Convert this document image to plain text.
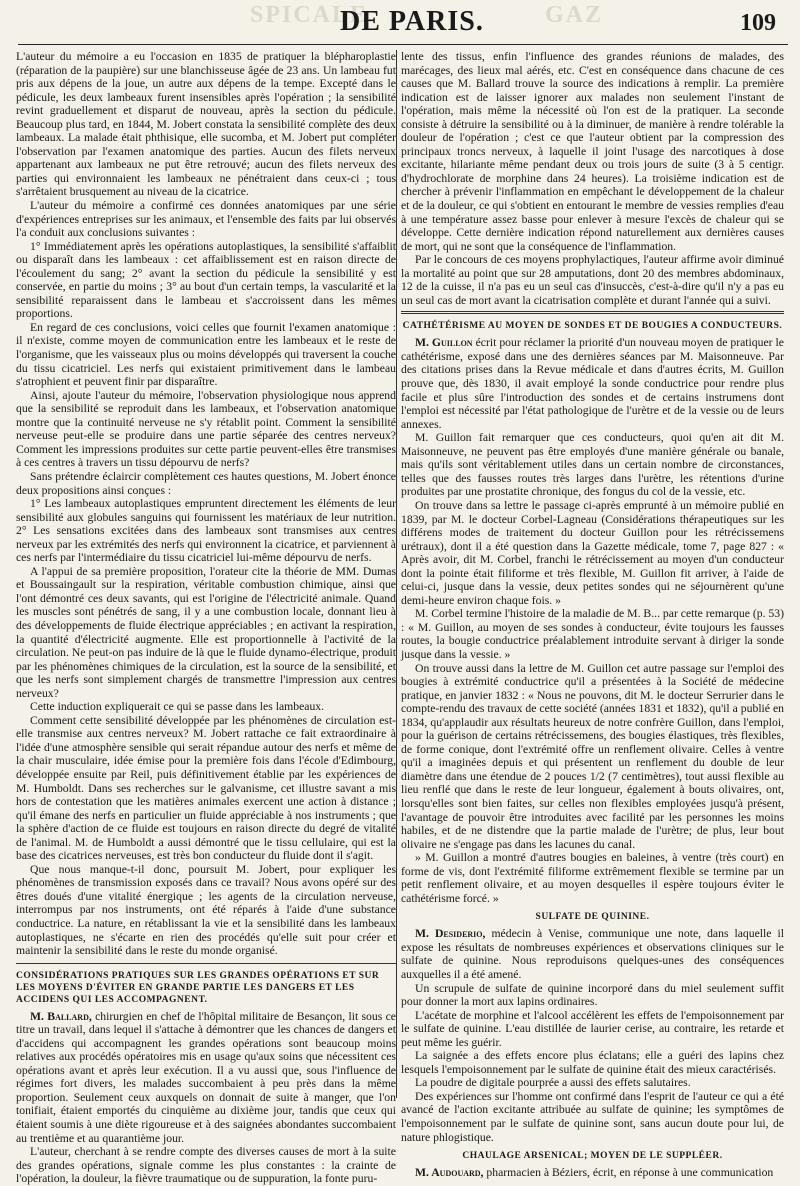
SPICALE	GAZ
DE PARIS.	109

L'auteur du mémoire a eu l'occasion en 1835 de pratiquer la blépharoplastie (réparation de la paupière) sur une blanchisseuse âgée de 23 ans. Un lambeau fut pris aux dépens de la joue, un autre aux dépens de la tempe. Excepté dans le pédicule, les deux lambeaux furent insensibles après l'opération ; la sensibilité revint graduellement et disparut de nouveau, après la section du pédicule. Beaucoup plus tard, en 1844, M. Jobert constata la sensibilité complète des deux lambeaux. La malade était phthisique, elle sucomba, et M. Jobert put compléter l'observation par l'examen anatomique des parties. Aucun des filets nerveux appartenant aux lambeaux ne put être retrouvé; aucun des filets nerveux des parties qui environnaient les lambeaux ne pénétraient dans ceux-ci ; tous s'arrêtaient brusquement au niveau de la cicatrice.

L'auteur du mémoire a confirmé ces données anatomiques par une série d'expériences entreprises sur les animaux, et l'ensemble des faits par lui observés l'a conduit aux conclusions suivantes :

1° Immédiatement après les opérations autoplastiques, la sensibilité s'affaiblit ou disparaît dans les lambeaux : cet affaiblissement est en raison directe de l'écoulement du sang; 2° avant la section du pédicule la sensibilité y est conservée, en partie du moins ; 3° au bout d'un certain temps, la vascularité et la sensibilité reparaissent dans le lambeau et s'accroissent dans les mêmes proportions.

En regard de ces conclusions, voici celles que fournit l'examen anatomique : il n'existe, comme moyen de communication entre les lambeaux et le reste de l'organisme, que les vaisseaux plus ou moins développés qui traversent la couche du tissu cicatriciel. Les nerfs qui existaient primitivement dans le lambeau s'atrophient et peuvent finir par disparaître.

Ainsi, ajoute l'auteur du mémoire, l'observation physiologique nous apprend que la sensibilité se reproduit dans les lambeaux, et l'observation anatomique montre que la continuité nerveuse ne s'y rétablit point. Comment la sensibilité nerveuse peut-elle se produire dans une partie séparée des centres nerveux? Comment les impressions produites sur cette partie peuvent-elles être transmises à ces centres à travers un tissu dépourvu de nerfs?

Sans prétendre éclaircir complètement ces hautes questions, M. Jobert énonce deux propositions ainsi conçues :

1° Les lambeaux autoplastiques empruntent directement les éléments de leur sensibilité aux globules sanguins qui fournissent les matériaux de leur nutrition. 2° Les sensations excitées dans des lambeaux sont transmises aux centres nerveux par les extrémités des nerfs qui environnent la cicatrice, et parviennent à ces nerfs par l'intermédiaire du tissu cicatriciel lui-même dépourvu de nerfs.

A l'appui de sa première proposition, l'orateur cite la théorie de MM. Dumas et Boussaingault sur la respiration, véritable combustion chimique, ainsi que l'ont démontré ces deux savants, qui est l'origine de l'électricité animale. Quand les muscles sont pénétrés de sang, il y a une combustion locale, donnant lieu à des développements de fluide électrique appréciables ; en activant la respiration, la quantité d'électricité augmente. Elle est proportionnelle à l'activité de la circulation. Ne peut-on pas induire de là que le fluide dynamo-électrique, produit par les phénomènes chimiques de la circulation, est la source de la sensibilité, et que les nerfs sont simplement chargés de transmettre l'impression aux centres nerveux?

Cette induction expliquerait ce qui se passe dans les lambeaux.

Comment cette sensibilité développée par les phénomènes de circulation est-elle transmise aux centres nerveux? M. Jobert rattache ce fait extraordinaire à l'idée d'une atmosphère sensible qui serait répandue autour des nerfs et même de la chair musculaire, idée émise pour la première fois dans l'école d'Edimbourg, développée ensuite par Reil, puis définitivement établie par les expériences de M. Humboldt. Dans ses recherches sur le galvanisme, cet illustre savant a mis hors de contestation que les matières animales exercent une action à distance ; qu'il émane des nerfs en particulier un fluide appréciable à nos instruments ; que la sphère d'action de ce fluide est toujours en raison directe du degré de vitalité de l'animal. M. de Humboldt a aussi démontré que le tissu cellulaire, qui est la base des cicatrices nerveuses, est très bon conducteur du fluide dont il s'agit.

Que nous manque-t-il donc, poursuit M. Jobert, pour expliquer les phénomènes de transmission exposés dans ce travail? Nous avons opéré sur des êtres doués d'une vitalité énergique ; les agents de la circulation nerveuse, interrompus par nos instruments, ont été réparés à l'aide d'une substance conductrice. La nature, en rétablissant la vie et la sensibilité dans les lambeaux autoplastiques, ne s'écarte en rien des procédés qu'elle suit pour créer et maintenir la sensibilité dans le reste du monde organisé.

CONSIDÉRATIONS PRATIQUES SUR LES GRANDES OPÉRATIONS ET SUR LES MOYENS D'ÉVITER EN GRANDE PARTIE LES DANGERS ET LES ACCIDENS QUI LES ACCOMPAGNENT.

M. Ballard, chirurgien en chef de l'hôpital militaire de Besançon, lit sous ce titre un travail, dans lequel il s'attache à démontrer que les chances de dangers et d'accidens qui accompagnent les grandes opérations sont beaucoup moins relatives aux procédés opératoires mis en usage qu'aux soins que nécessitent ces opérations avant et après leur exécution. Il a vu aussi que, sous l'influence de régimes fort divers, les malades succombaient à peu près dans la même proportion. Seulement ceux auxquels on donnait de suite à manger, que l'on tonifiait, étaient emportés du cinquième au dixième jour, tandis que ceux qui étaient soumis à une diète rigoureuse et à des saignées abondantes succombaient au trentième et au quarantième jour.

L'auteur, cherchant à se rendre compte des diverses causes de mort à la suite des grandes opérations, signale comme les plus constantes : la crainte de l'opération, la douleur, la fièvre traumatique ou de suppuration, la fonte puru-

lente des tissus, enfin l'influence des grandes réunions de malades, des marécages, des lieux mal aérés, etc. C'est en conséquence dans chacune de ces causes que M. Ballard trouve la source des indications à remplir. La première indication est de laisser ignorer aux malades non seulement l'instant de l'opération, mais même la nécessité où l'on est de la pratiquer. La seconde consiste à détruire la sensibilité ou à la diminuer, de manière à rendre tolérable la douleur de l'opération ; c'est ce que l'auteur obtient par la compression des principaux troncs nerveux, à laquelle il joint l'usage des narcotiques à dose excitante, hilariante même pendant deux ou trois jours de suite (3 à 5 centigr. d'hydrochlorate de morphine dans 24 heures). La troisième indication est de chercher à prévenir l'inflammation en empêchant le développement de la chaleur et de la douleur, ce qui s'obtient en entourant le membre de vessies remplies d'eau à une température assez basse pour enlever à mesure l'excès de chaleur qui se développe. Cette dernière indication répond naturellement aux dernières causes de mort, qui ne sont que la conséquence de l'inflammation.

Par le concours de ces moyens prophylactiques, l'auteur affirme avoir diminué la mortalité au point que sur 28 amputations, dont 20 des membres abdominaux, 12 de la cuisse, il n'a pas eu un seul cas d'insuccès, c'est-à-dire qu'il n'y a pas eu un seul cas de mort avant la cicatrisation complète et durant l'année qui a suivi.

CATHÉTÉRISME AU MOYEN DE SONDES ET DE BOUGIES A CONDUCTEURS.

M. Guillon écrit pour réclamer la priorité d'un nouveau moyen de pratiquer le cathétérisme, exposé dans une des dernières séances par M. Maisonneuve. Par des citations prises dans la Revue médicale et dans d'autres écrits, M. Guillon prouve que, dès 1830, il avait employé la sonde conductrice pour rendre plus facile et plus sûre l'introduction des sondes et de certains instrumens dont l'emploi est nécessité par l'état pathologique de l'urètre et de la vessie ou de leurs annexes.

M. Guillon fait remarquer que ces conducteurs, quoi qu'en ait dit M. Maisonneuve, ne peuvent pas être employés d'une manière générale ou banale, mais qu'ils sont véritablement utiles dans un certain nombre de circonstances, telles que des fausses routes très larges dans l'urètre, les rétentions d'urine produites par une prostatite chronique, des fongus du col de la vessie, etc.

On trouve dans sa lettre le passage ci-après emprunté à un mémoire publié en 1839, par M. le docteur Corbel-Lagneau (Considérations thérapeutiques sur les différens modes de traitement du docteur Guillon pour les rétrécissemens urétraux), dont il a été question dans la Gazette médicale, tome 7, page 827 : « Après avoir, dit M. Corbel, franchi le rétrécissement au moyen d'un conducteur dont la pointe était filiforme et très flexible, M. Guillon fit arriver, à l'aide de celui-ci, jusque dans la vessie, deux petites sondes qui ne séjournèrent qu'une demi-heure environ chaque fois. »

M. Corbel termine l'histoire de la maladie de M. B... par cette remarque (p. 53) : « M. Guillon, au moyen de ses sondes à conducteur, évite toujours les fausses routes, la bougie conductrice préalablement introduite servant à diriger la sonde jusque dans la vessie. »

On trouve aussi dans la lettre de M. Guillon cet autre passage sur l'emploi des bougies à extrémité conductrice qu'il a présentées à la Société de médecine pratique, en janvier 1832 : « Nous ne pouvons, dit M. le docteur Serrurier dans le compte-rendu des travaux de cette société (années 1831 et 1832), qu'il a publié en 1834, qu'applaudir aux résultats heureux de notre confrère Guillon, dans l'emploi, pour la guérison de certains rétrécissemens, des bougies élastiques, très flexibles, de forme conique, dont l'extrémité offre un renflement olivaire. Celles à ventre qu'il a imaginées depuis et qui présentent un renflement du double de leur diamètre dans une étendue de 2 pouces 1/2 (7 centimètres), tout aussi flexible au lieu renflé que dans le reste de leur longueur, également à bouts olivaires, ont, lorsqu'elles sont bien faites, sur celles non flexibles employées jusqu'à présent, l'avantage de pouvoir être introduites avec facilité par les personnes les moins habiles, et de ne distendre que la partie malade de l'urètre; de plus, leur bout olivaire ne s'engage pas dans les lacunes du canal.

» M. Guillon a montré d'autres bougies en baleines, à ventre (très court) en forme de vis, dont l'extrémité filiforme extrêmement flexible se termine par un petit renflement olivaire, et au moyen desquelles il espère toujours éviter le cathétérisme forcé. »

SULFATE DE QUININE.

M. Desiderio, médecin à Venise, communique une note, dans laquelle il expose les résultats de nombreuses expériences et observations cliniques sur le sulfate de quinine. Nous reproduisons quelques-unes des conséquences auxquelles il a été amené.

Un scrupule de sulfate de quinine incorporé dans du miel seulement suffit pour donner la mort aux lapins ordinaires.

L'acétate de morphine et l'alcool accélèrent les effets de l'empoisonnement par le sulfate de quinine. L'eau distillée de laurier cerise, au contraire, les retarde et peut même les guérir.

La saignée a des effets encore plus éclatans; elle a guéri des lapins chez lesquels l'empoisonnement par le sulfate de quinine était des mieux caractérisés.

La poudre de digitale pourprée a aussi des effets salutaires.

Des expériences sur l'homme ont confirmé dans l'esprit de l'auteur ce qui a été avancé de l'action excitante attribuée au sulfate de quinine; les symptômes de l'empoisonnement par le sulfate de quinine sont, sans aucun doute pour lui, de nature phlogistique.

CHAULAGE ARSENICAL; MOYEN DE LE SUPPLÉER.

M. Audouard, pharmacien à Béziers, écrit, en réponse à une communication
